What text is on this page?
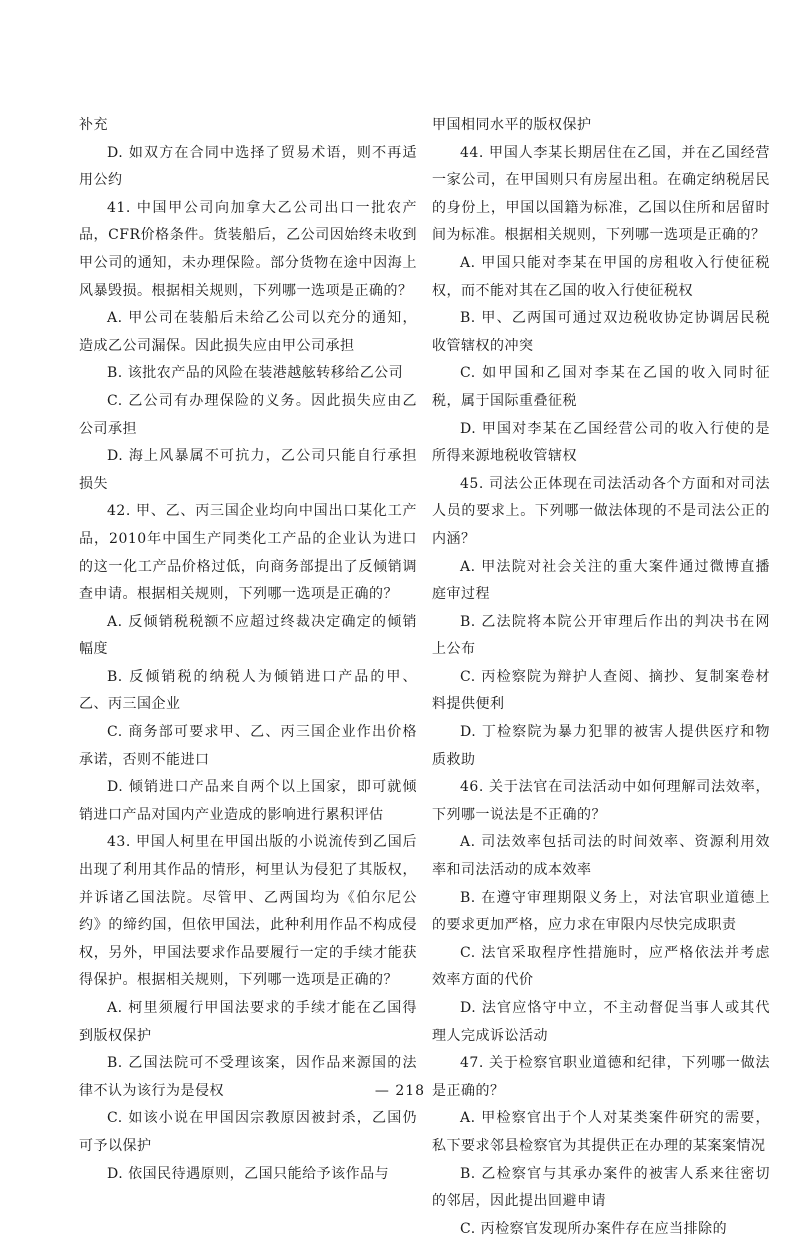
补充

D. 如双方在合同中选择了贸易术语，则不再适用公约

41. 中国甲公司向加拿大乙公司出口一批农产品，CFR价格条件。货装船后，乙公司因始终未收到甲公司的通知，未办理保险。部分货物在途中因海上风暴毁损。根据相关规则，下列哪一选项是正确的？

A. 甲公司在装船后未给乙公司以充分的通知，造成乙公司漏保。因此损失应由甲公司承担

B. 该批农产品的风险在装港越舷转移给乙公司

C. 乙公司有办理保险的义务。因此损失应由乙公司承担

D. 海上风暴属不可抗力，乙公司只能自行承担损失

42. 甲、乙、丙三国企业均向中国出口某化工产品，2010年中国生产同类化工产品的企业认为进口的这一化工产品价格过低，向商务部提出了反倾销调查申请。根据相关规则，下列哪一选项是正确的？

A. 反倾销税税额不应超过终裁决定确定的倾销幅度

B. 反倾销税的纳税人为倾销进口产品的甲、乙、丙三国企业

C. 商务部可要求甲、乙、丙三国企业作出价格承诺，否则不能进口

D. 倾销进口产品来自两个以上国家，即可就倾销进口产品对国内产业造成的影响进行累积评估

43. 甲国人柯里在甲国出版的小说流传到乙国后出现了利用其作品的情形，柯里认为侵犯了其版权，并诉诸乙国法院。尽管甲、乙两国均为《伯尔尼公约》的缔约国，但依甲国法，此种利用作品不构成侵权，另外，甲国法要求作品要履行一定的手续才能获得保护。根据相关规则，下列哪一选项是正确的？

A. 柯里须履行甲国法要求的手续才能在乙国得到版权保护

B. 乙国法院可不受理该案，因作品来源国的法律不认为该行为是侵权

C. 如该小说在甲国因宗教原因被封杀，乙国仍可予以保护

D. 依国民待遇原则，乙国只能给予该作品与

甲国相同水平的版权保护

44. 甲国人李某长期居住在乙国，并在乙国经营一家公司，在甲国则只有房屋出租。在确定纳税居民的身份上，甲国以国籍为标准，乙国以住所和居留时间为标准。根据相关规则，下列哪一选项是正确的？

A. 甲国只能对李某在甲国的房租收入行使征税权，而不能对其在乙国的收入行使征税权

B. 甲、乙两国可通过双边税收协定协调居民税收管辖权的冲突

C. 如甲国和乙国对李某在乙国的收入同时征税，属于国际重叠征税

D. 甲国对李某在乙国经营公司的收入行使的是所得来源地税收管辖权

45. 司法公正体现在司法活动各个方面和对司法人员的要求上。下列哪一做法体现的不是司法公正的内涵？

A. 甲法院对社会关注的重大案件通过微博直播庭审过程

B. 乙法院将本院公开审理后作出的判决书在网上公布

C. 丙检察院为辩护人查阅、摘抄、复制案卷材料提供便利

D. 丁检察院为暴力犯罪的被害人提供医疗和物质救助

46. 关于法官在司法活动中如何理解司法效率，下列哪一说法是不正确的？

A. 司法效率包括司法的时间效率、资源利用效率和司法活动的成本效率

B. 在遵守审理期限义务上，对法官职业道德上的要求更加严格，应力求在审限内尽快完成职责

C. 法官采取程序性措施时，应严格依法并考虑效率方面的代价

D. 法官应恪守中立，不主动督促当事人或其代理人完成诉讼活动

47. 关于检察官职业道德和纪律，下列哪一做法是正确的？

A. 甲检察官出于个人对某类案件研究的需要，私下要求邻县检察官为其提供正在办理的某案案情况

B. 乙检察官与其承办案件的被害人系来往密切的邻居，因此提出回避申请

C. 丙检察官发现所办案件存在应当排除的

— 218
